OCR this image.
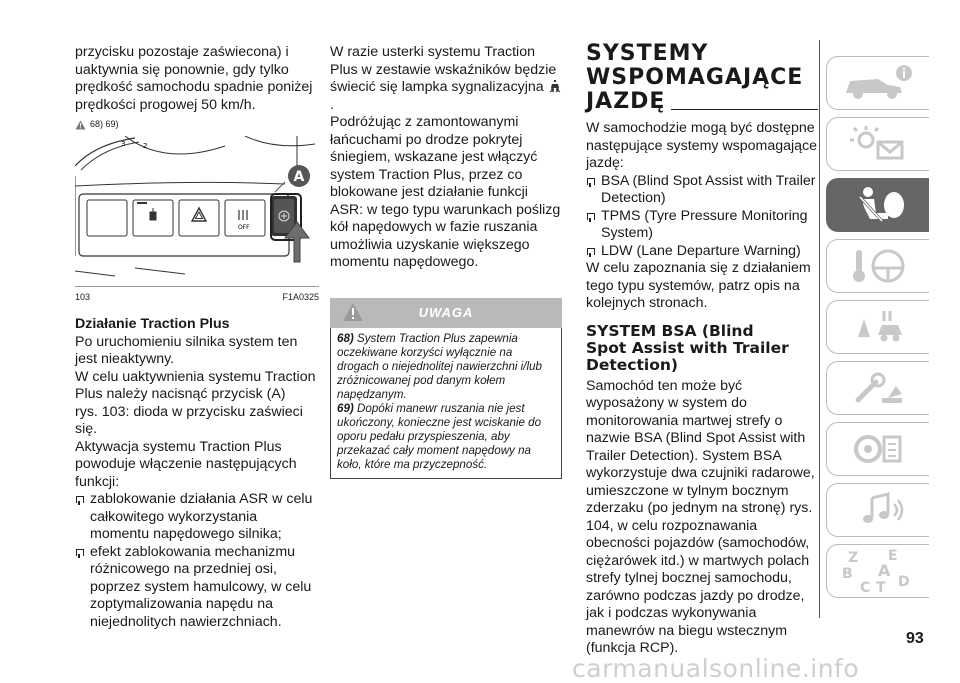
przycisku pozostaje zaświecona) i uaktywnia się ponownie, gdy tylko prędkość samochodu spadnie poniżej prędkości progowej 50 km/h.

68) 69)
3	2
OFF
A
103	F1A0325
Działanie Traction Plus

Po uruchomieniu silnika system ten jest nieaktywny.

W celu uaktywnienia systemu Traction Plus należy nacisnąć przycisk (A)

rys. 103: dioda w przycisku zaświeci się.

Aktywacja systemu Traction Plus powoduje włączenie następujących funkcji:

zablokowanie działania ASR w celu całkowitego wykorzystania momentu napędowego silnika;
efekt zablokowania mechanizmu różnicowego na przedniej osi, poprzez system hamulcowy, w celu zoptymalizowania napędu na niejednolitych nawierzchniach.

W razie usterki systemu Traction Plus w zestawie wskaźników będzie świecić się lampka sygnalizacyjna .

Podróżując z zamontowanymi łańcuchami po drodze pokrytej śniegiem, wskazane jest włączyć system Traction Plus, przez co blokowane jest działanie funkcji ASR: w tego typu warunkach poślizg kół napędowych w fazie ruszania umożliwia uzyskanie większego momentu napędowego.

UWAGA

68) System Traction Plus zapewnia oczekiwane korzyści wyłącznie na drogach o niejednolitej nawierzchni i/lub zróżnicowanej pod danym kołem napędzanym.

69) Dopóki manewr ruszania nie jest ukończony, konieczne jest wciskanie do oporu pedału przyspieszenia, aby przekazać cały moment napędowy na koło, które ma przyczepność.

SYSTEMY
WSPOMAGAJĄCE
JAZDĘ

W samochodzie mogą być dostępne następujące systemy wspomagające jazdę:

BSA (Blind Spot Assist with Trailer Detection)
TPMS (Tyre Pressure Monitoring System)
LDW (Lane Departure Warning)

W celu zapoznania się z działaniem tego typu systemów, patrz opis na kolejnych stronach.

SYSTEM BSA (Blind
Spot Assist with Trailer
Detection)

Samochód ten może być wyposażony w system do monitorowania martwej strefy o nazwie BSA (Blind Spot Assist with Trailer Detection). System BSA wykorzystuje dwa czujniki radarowe, umieszczone w tylnym bocznym zderzaku (po jednym na stronę) rys. 104, w celu rozpoznawania obecności pojazdów (samochodów, ciężarówek itd.) w martwych polach strefy tylnej bocznej samochodu, zarówno podczas jazdy po drodze, jak i podczas wykonywania manewrów na biegu wstecznym (funkcja RCP).

Z E
B A
C T D
93
carmanualsonline.info
